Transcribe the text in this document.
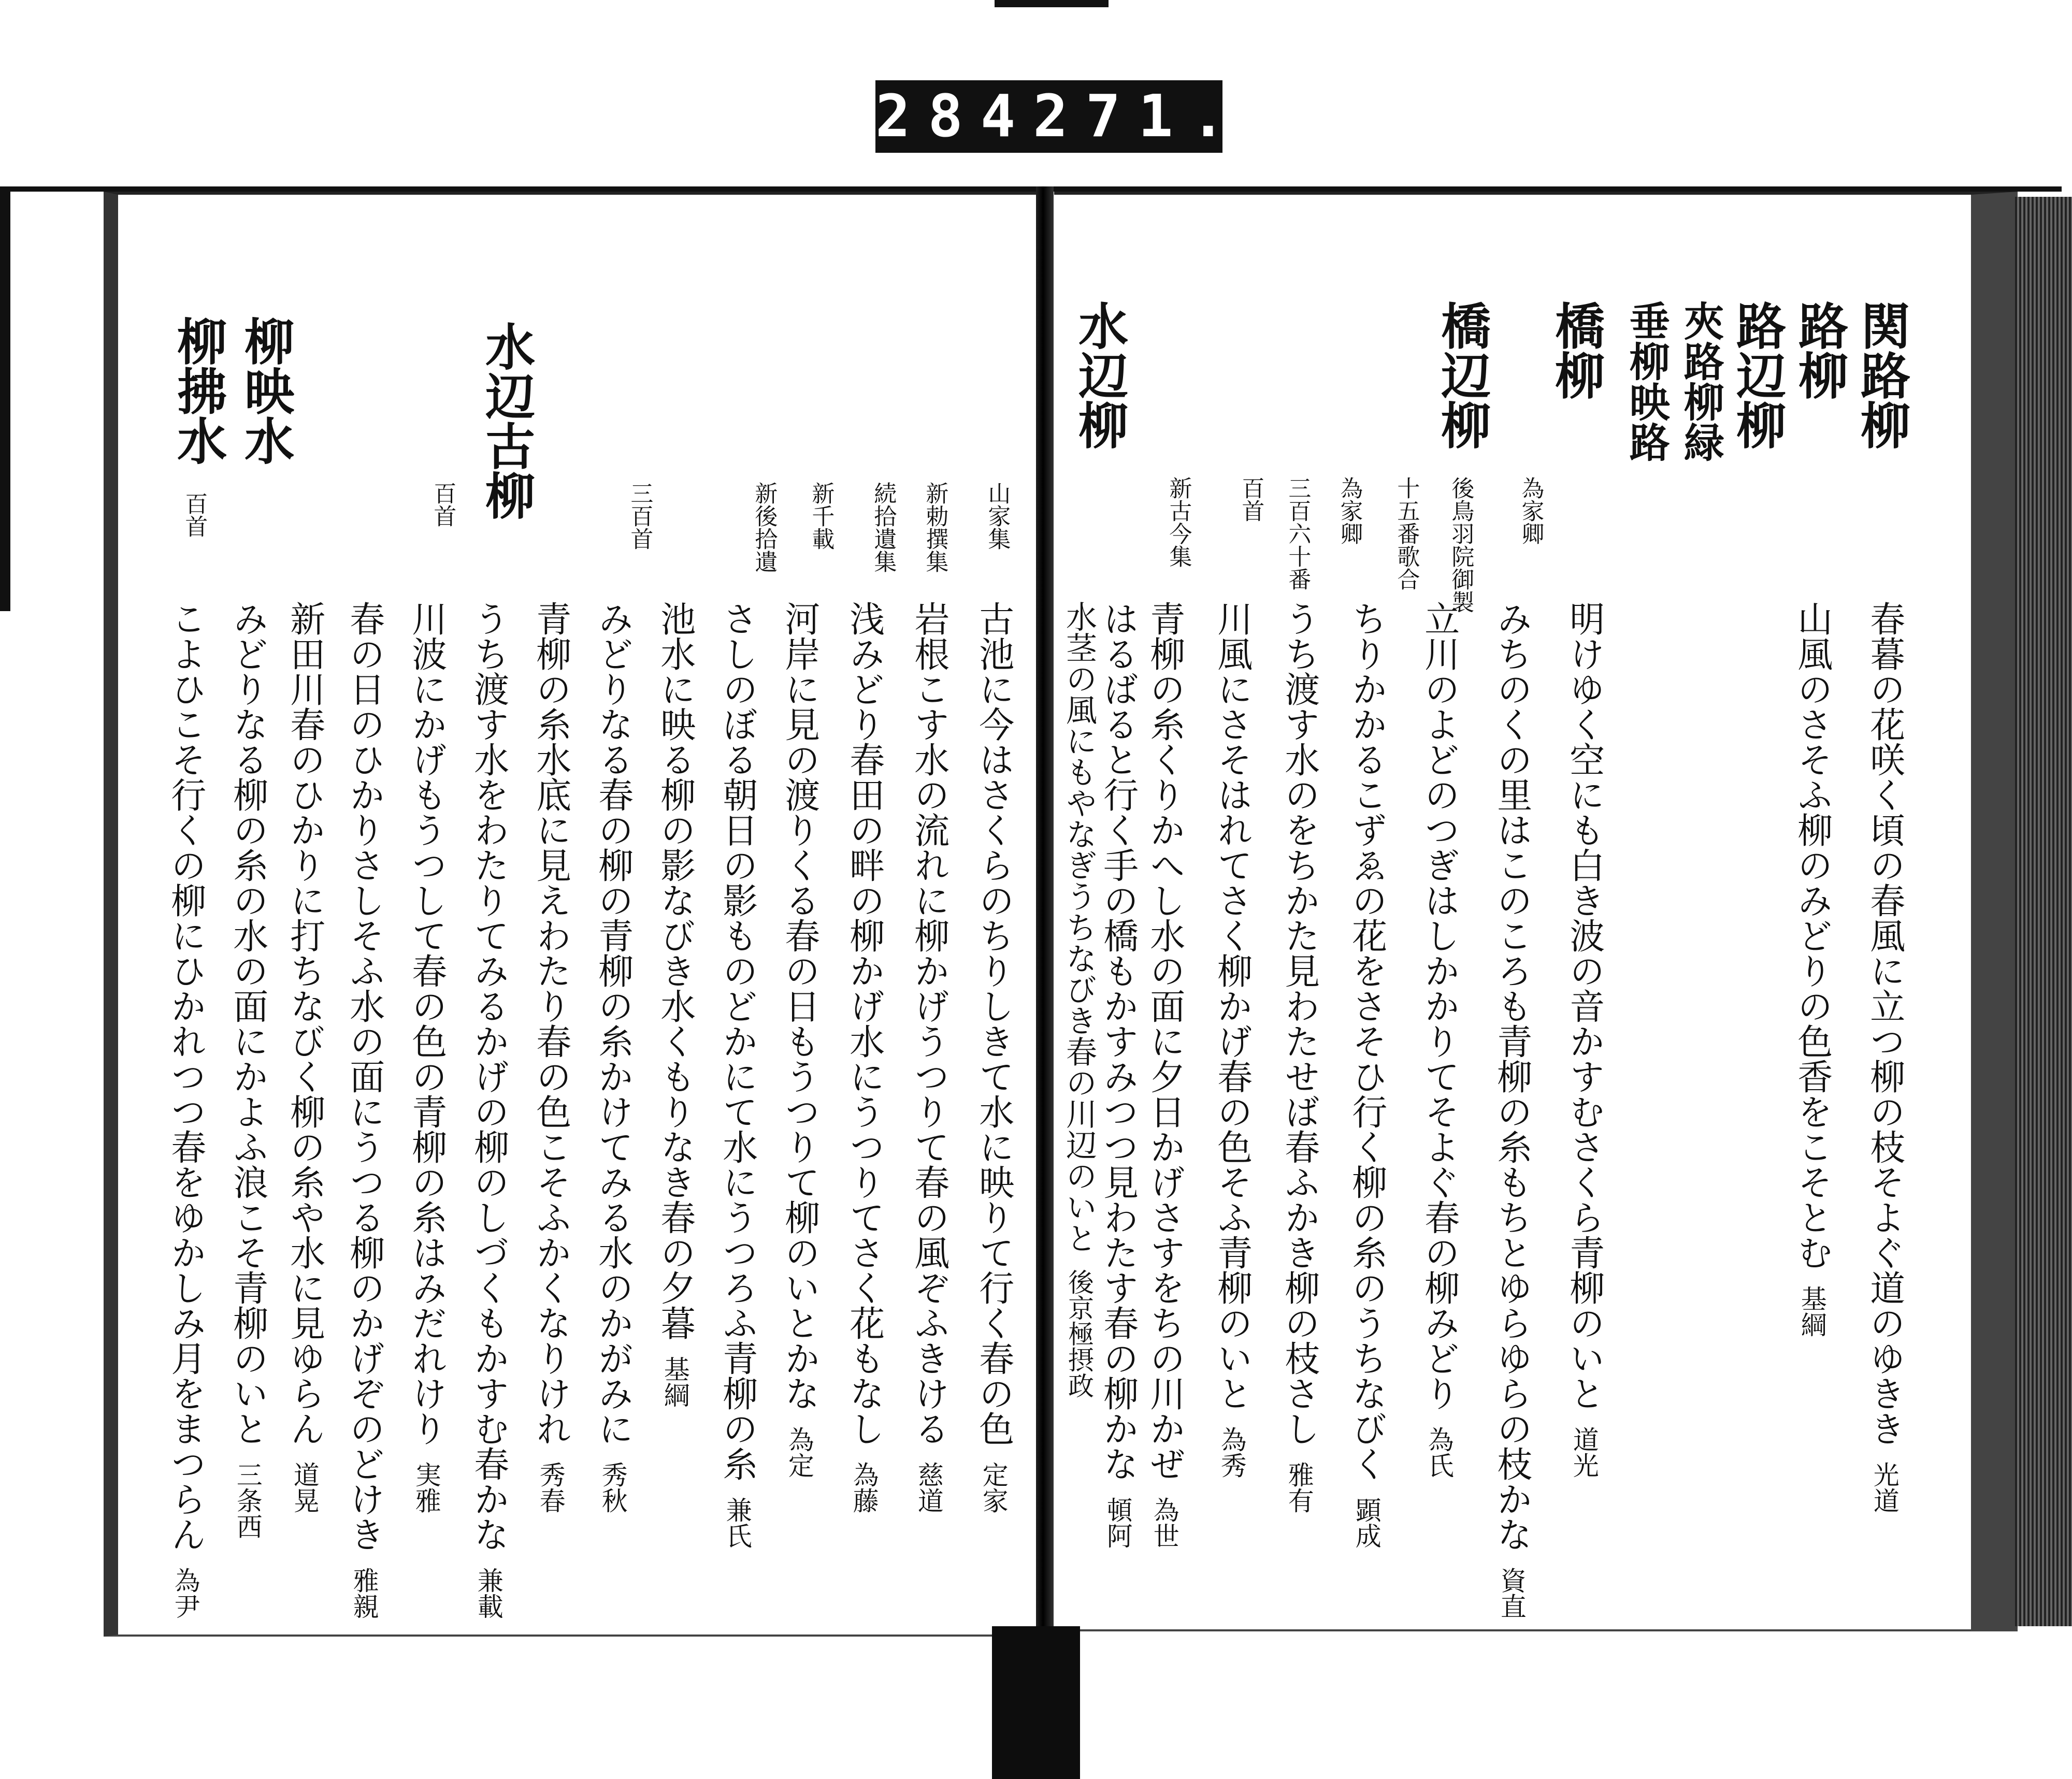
284 271.
春暮の花咲く頃の春風に立つ柳の枝そよぐ道のゆきき光道
山風のさそふ柳のみどりの色香をこそとむ基綱
関路柳
路柳
路辺柳
夾路柳緑
垂柳映路
橋柳
橋辺柳
水辺柳
為家卿
明けゆく空にも白き波の音かすむさくら青柳のいと道光
後鳥羽院御製
みちのくの里はこのころも青柳の糸もちとゆらゆらの枝かな資直
十五番歌合
立川のよどのつぎはしかかりてそよぐ春の柳みどり為氏
為家卿
ちりかかるこずゑの花をさそひ行く柳の糸のうちなびく顕成
三百六十番
うち渡す水のをちかた見わたせば春ふかき柳の枝さし雅有
百首
川風にさそはれてさく柳かげ春の色そふ青柳のいと為秀
新古今集
青柳の糸くりかへし水の面に夕日かげさすをちの川かぜ為世
はるばると行く手の橋もかすみつつ見わたす春の柳かな頓阿
水茎の風にもやなぎうちなびき春の川辺のいと後京極摂政
山家集
古池に今はさくらのちりしきて水に映りて行く春の色定家
新勅撰集
岩根こす水の流れに柳かげうつりて春の風ぞふきける慈道
続拾遺集
浅みどり春田の畔の柳かげ水にうつりてさく花もなし為藤
新千載
河岸に見の渡りくる春の日もうつりて柳のいとかな為定
新後拾遺
さしのぼる朝日の影ものどかにて水にうつろふ青柳の糸兼氏
池水に映る柳の影なびき水くもりなき春の夕暮基綱
三百首
みどりなる春の柳の青柳の糸かけてみる水のかがみに秀秋
青柳の糸水底に見えわたり春の色こそふかくなりけれ秀春
水辺古柳
百首
うち渡す水をわたりてみるかげの柳のしづくもかすむ春かな兼載
川波にかげもうつして春の色の青柳の糸はみだれけり実雅
春の日のひかりさしそふ水の面にうつる柳のかげぞのどけき雅親
新田川春のひかりに打ちなびく柳の糸や水に見ゆらん道晃
柳映水
みどりなる柳の糸の水の面にかよふ浪こそ青柳のいと三条西
柳拂水
百首
こよひこそ行くの柳にひかれつつ春をゆかしみ月をまつらん為尹
